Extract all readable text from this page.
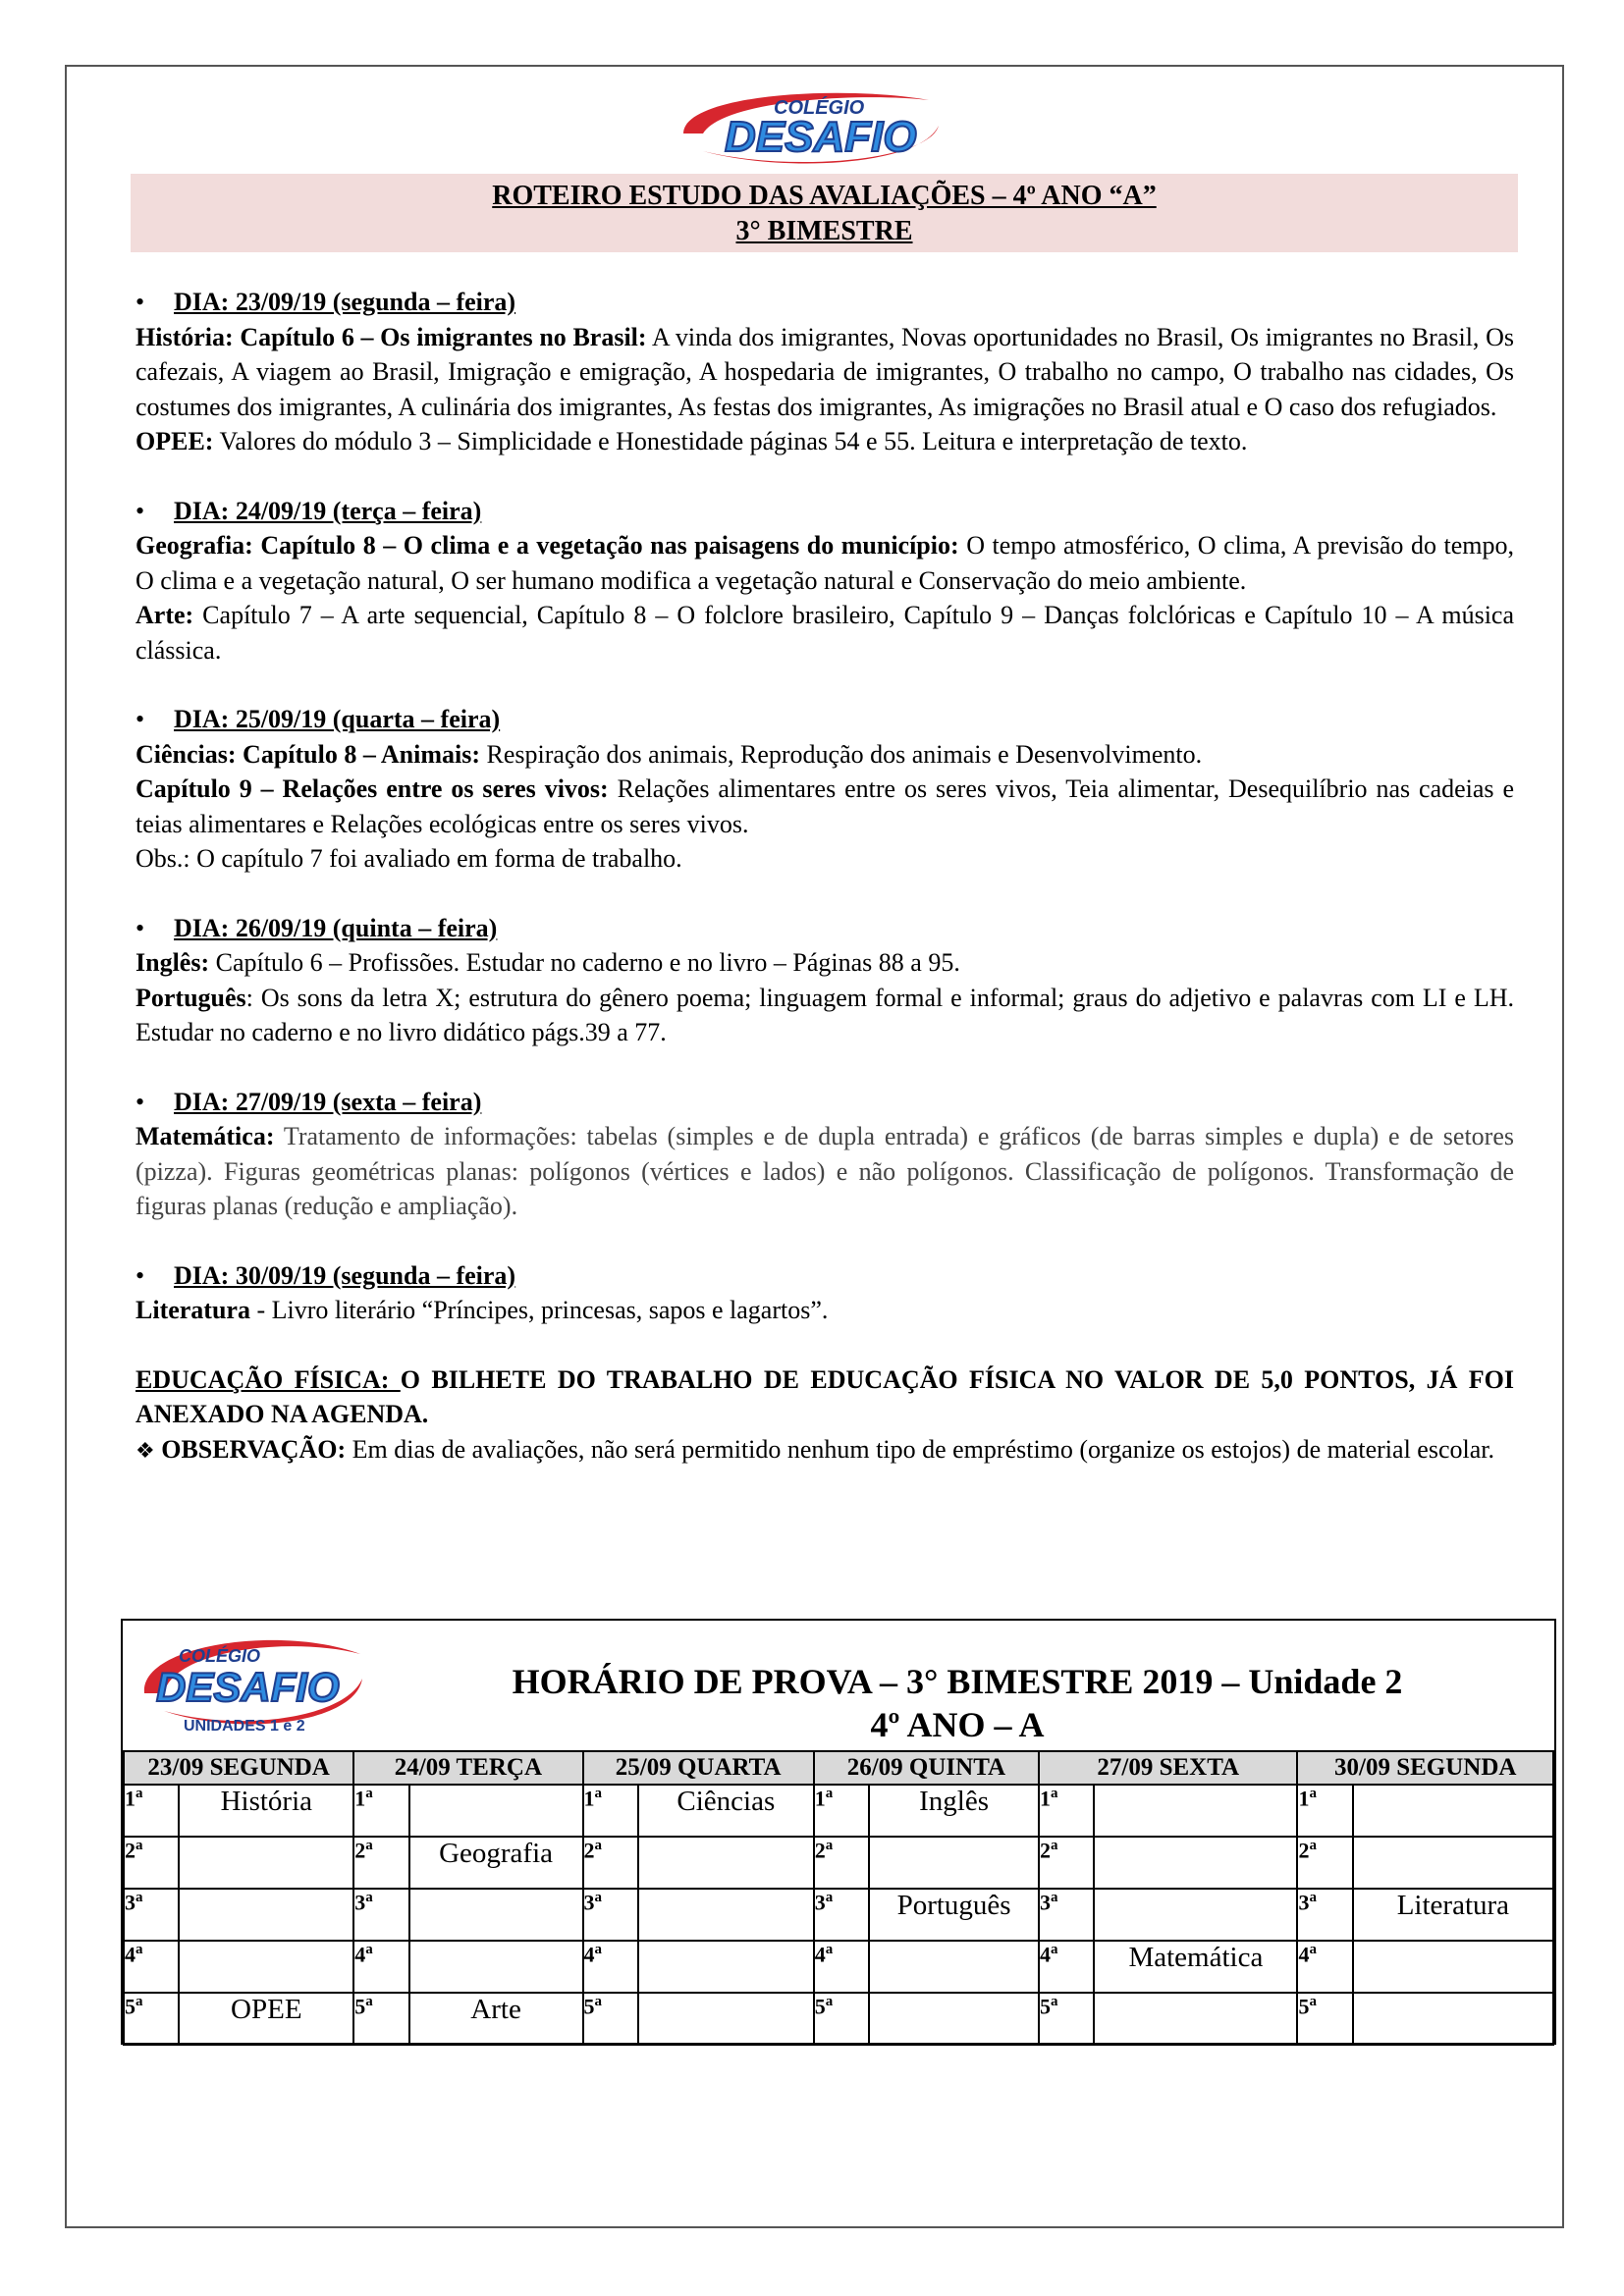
COLÉGIO
DESAFIO
ROTEIRO ESTUDO DAS AVALIAÇÕES – 4º ANO “A”
3° BIMESTRE

• DIA: 23/09/19 (segunda – feira)

História: Capítulo 6 – Os imigrantes no Brasil: A vinda dos imigrantes, Novas oportunidades no Brasil, Os imigrantes no Brasil, Os cafezais, A viagem ao Brasil, Imigração e emigração, A hospedaria de imigrantes, O trabalho no campo, O trabalho nas cidades, Os costumes dos imigrantes, A culinária dos imigrantes, As festas dos imigrantes, As imigrações no Brasil atual e O caso dos refugiados.

OPEE: Valores do módulo 3 – Simplicidade e Honestidade páginas 54 e 55. Leitura e interpretação de texto.

• DIA: 24/09/19 (terça – feira)

Geografia: Capítulo 8 – O clima e a vegetação nas paisagens do município: O tempo atmosférico, O clima, A previsão do tempo, O clima e a vegetação natural, O ser humano modifica a vegetação natural e Conservação do meio ambiente.

Arte: Capítulo 7 – A arte sequencial, Capítulo 8 – O folclore brasileiro, Capítulo 9 – Danças folclóricas e Capítulo 10 – A música clássica.

• DIA: 25/09/19 (quarta – feira)

Ciências: Capítulo 8 – Animais: Respiração dos animais, Reprodução dos animais e Desenvolvimento.

Capítulo 9 – Relações entre os seres vivos: Relações alimentares entre os seres vivos, Teia alimentar, Desequilíbrio nas cadeias e teias alimentares e Relações ecológicas entre os seres vivos.

Obs.: O capítulo 7 foi avaliado em forma de trabalho.

• DIA: 26/09/19 (quinta – feira)

Inglês: Capítulo 6 – Profissões. Estudar no caderno e no livro – Páginas 88 a 95.

Português: Os sons da letra X; estrutura do gênero poema; linguagem formal e informal; graus do adjetivo e palavras com LI e LH. Estudar no caderno e no livro didático págs.39 a 77.

• DIA: 27/09/19 (sexta – feira)

Matemática: Tratamento de informações: tabelas (simples e de dupla entrada) e gráficos (de barras simples e dupla) e de setores (pizza). Figuras geométricas planas: polígonos (vértices e lados) e não polígonos. Classificação de polígonos. Transformação de figuras planas (redução e ampliação).

• DIA: 30/09/19 (segunda – feira)

Literatura - Livro literário “Príncipes, princesas, sapos e lagartos”.

EDUCAÇÃO FÍSICA: O BILHETE DO TRABALHO DE EDUCAÇÃO FÍSICA NO VALOR DE 5,0 PONTOS, JÁ FOI ANEXADO NA AGENDA.

❖ OBSERVAÇÃO: Em dias de avaliações, não será permitido nenhum tipo de empréstimo (organize os estojos) de material escolar.

COLÉGIO
DESAFIO
UNIDADES 1 e 2
HORÁRIO DE PROVA – 3° BIMESTRE 2019 – Unidade 2
4º ANO – A
23/09 SEGUNDA		24/09 TERÇA		25/09 QUARTA		26/09 QUINTA		27/09 SEXTA		30/09 SEGUNDA	
1$^a$	História	1$^a$		1$^a$	Ciências	1$^a$	Inglês	1$^a$		1$^a$	
2$^a$		2$^a$	Geografia	2$^a$		2$^a$		2$^a$		2$^a$	
3$^a$		3$^a$		3$^a$		3$^a$	Português	3$^a$		3$^a$	Literatura
4$^a$		4$^a$		4$^a$		4$^a$		4$^a$	Matemática	4$^a$	
5$^a$	OPEE	5$^a$	Arte	5$^a$		5$^a$		5$^a$		5$^a$	
